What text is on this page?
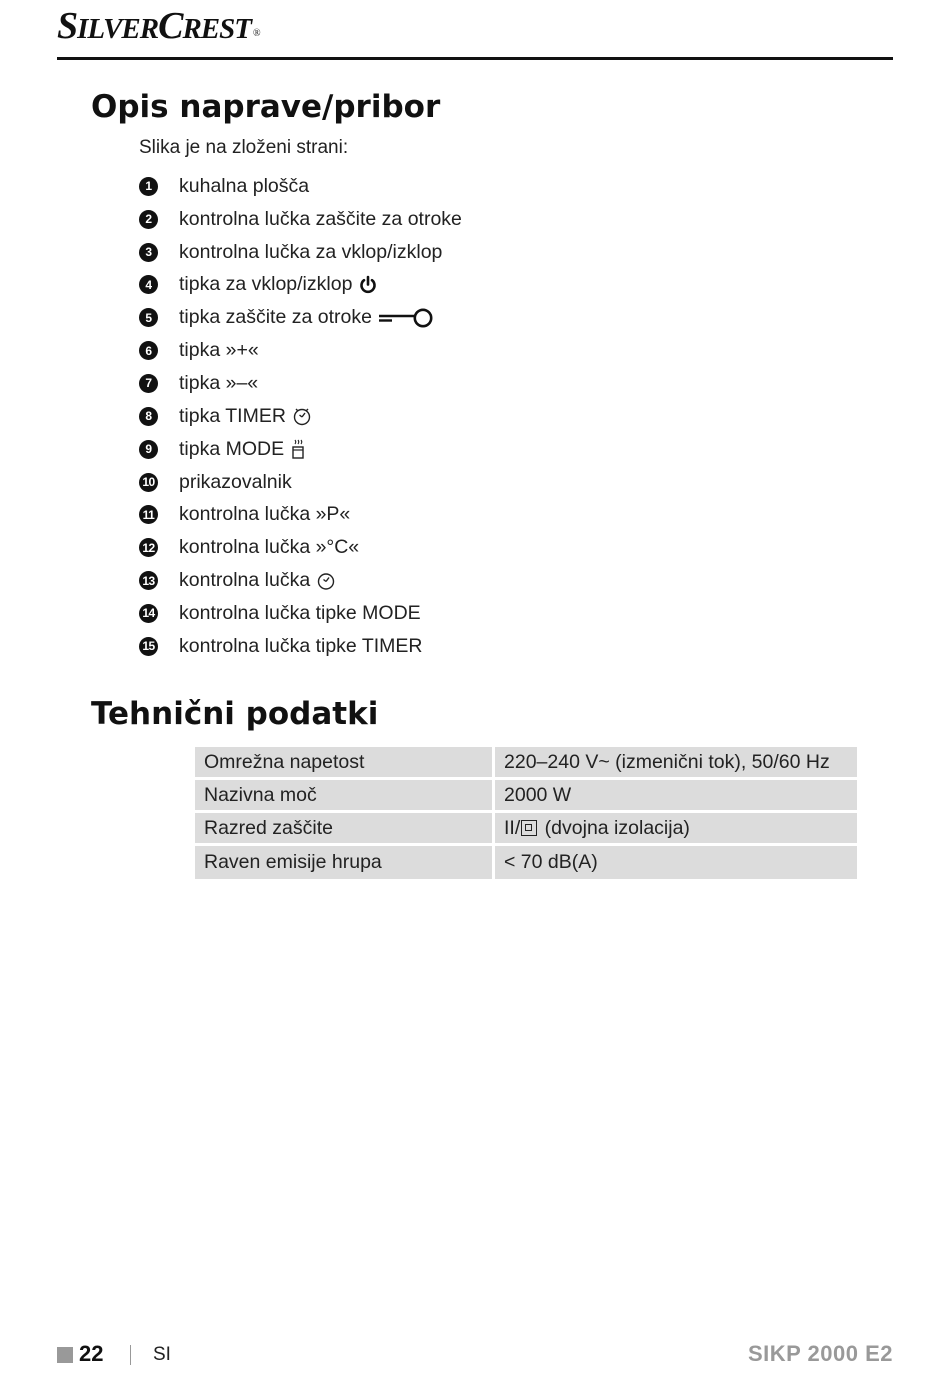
SILVERCREST ®
Opis naprave/pribor
Slika je na zloženi strani:
1	kuhalna plošča
2	kontrolna lučka zaščite za otroke
3	kontrolna lučka za vklop/izklop
4	tipka za vklop/izklop
5	tipka zaščite za otroke
6	tipka »+«
7	tipka »–«
8	tipka TIMER
9	tipka MODE
10 prikazovalnik
11 kontrolna lučka »P«
12 kontrolna lučka »°C«
13 kontrolna lučka
14 kontrolna lučka tipke MODE
15 kontrolna lučka tipke TIMER
Tehnični podatki
Omrežna napetost	220–240 V~ (izmenični tok), 50/60 Hz
Nazivna moč	2000 W
Razred zaščite	II/ (dvojna izolacija)
Raven emisije hrupa	< 70 dB(A)
22	SI	SIKP 2000 E2
